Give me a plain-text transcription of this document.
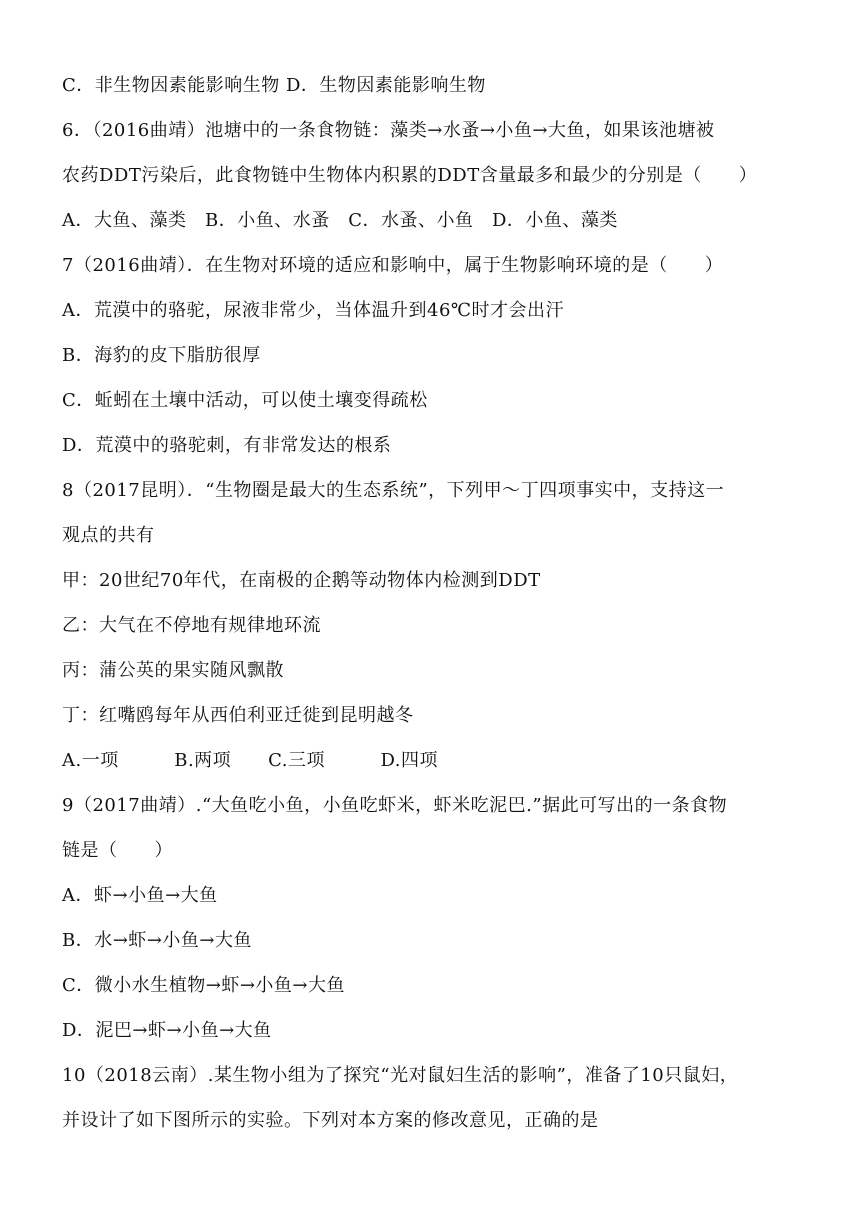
C．非生物因素能影响生物 D．生物因素能影响生物
6．（2016曲靖）池塘中的一条食物链：藻类→水蚤→小鱼→大鱼，如果该池塘被
农药DDT污染后，此食物链中生物体内积累的DDT含量最多和最少的分别是（　　）
A．大鱼、藻类　B．小鱼、水蚤　C．水蚤、小鱼　D．小鱼、藻类
7（2016曲靖）．在生物对环境的适应和影响中，属于生物影响环境的是（　　）
A．荒漠中的骆驼，尿液非常少，当体温升到46℃时才会出汗
B．海豹的皮下脂肪很厚
C．蚯蚓在土壤中活动，可以使土壤变得疏松
D．荒漠中的骆驼刺，有非常发达的根系
8（2017昆明）．“生物圈是最大的生态系统”，下列甲～丁四项事实中，支持这一
观点的共有
甲：20世纪70年代，在南极的企鹅等动物体内检测到DDT
乙：大气在不停地有规律地环流
丙：蒲公英的果实随风飘散
丁：红嘴鸥每年从西伯利亚迁徙到昆明越冬
A.一项　　　B.两项　　C.三项　　　D.四项
9（2017曲靖）.“大鱼吃小鱼，小鱼吃虾米，虾米吃泥巴.”据此可写出的一条食物
链是（　　）
A．虾→小鱼→大鱼
B．水→虾→小鱼→大鱼
C．微小水生植物→虾→小鱼→大鱼
D．泥巴→虾→小鱼→大鱼
10（2018云南）.某生物小组为了探究“光对鼠妇生活的影响”，准备了10只鼠妇，
并设计了如下图所示的实验。下列对本方案的修改意见，正确的是
